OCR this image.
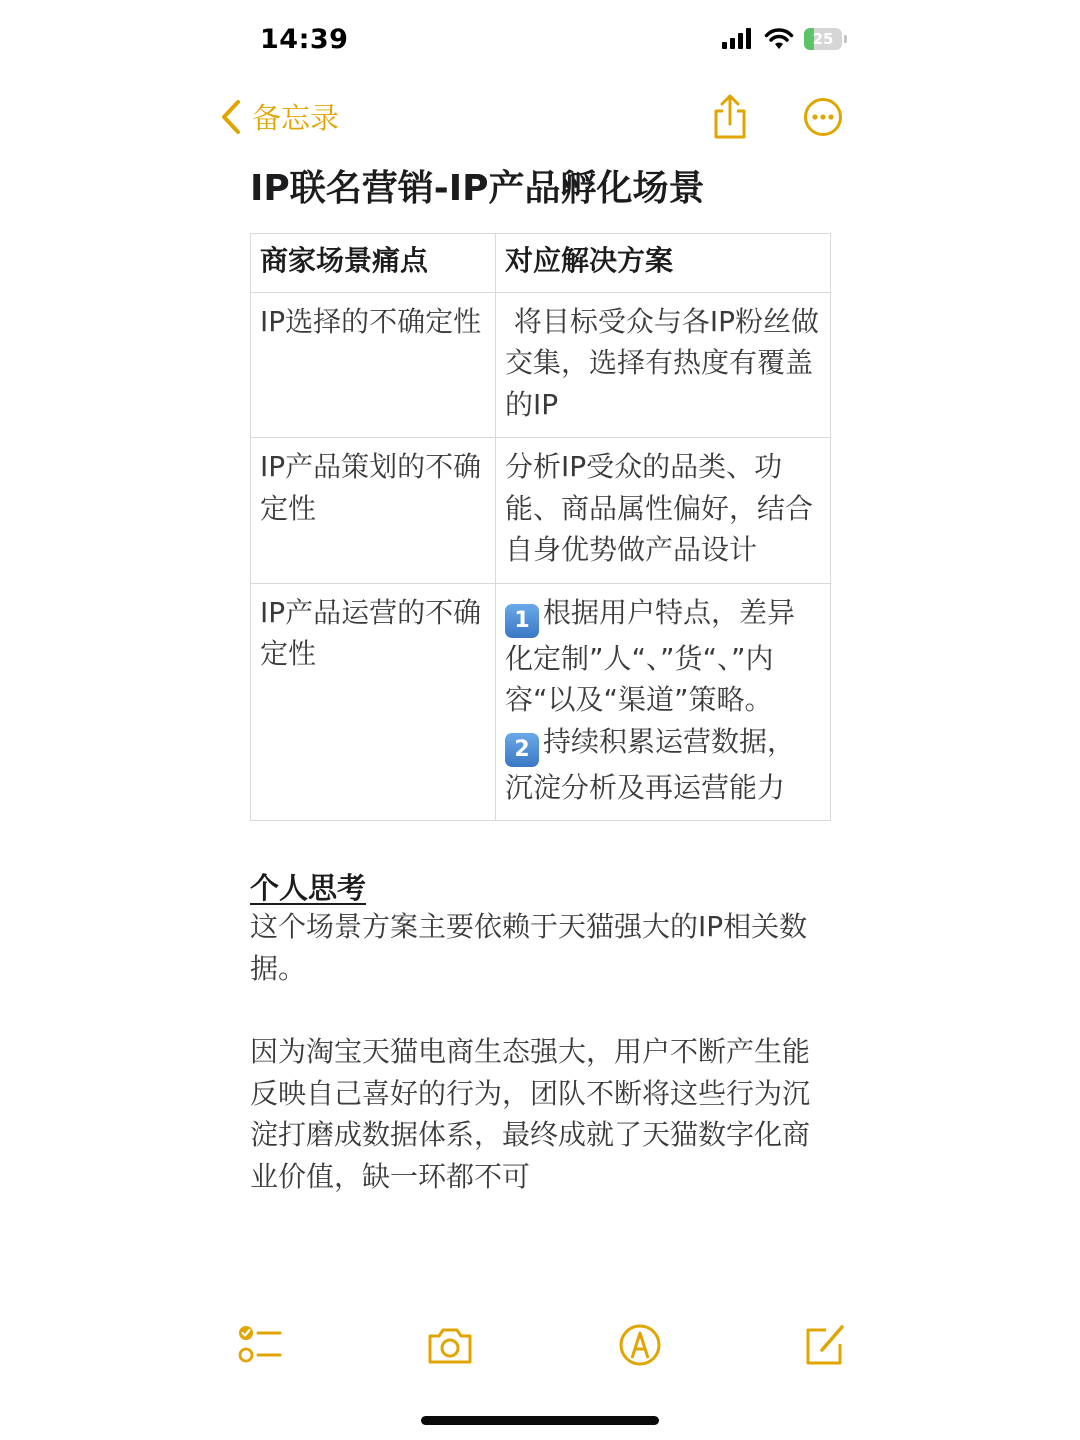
14:39	25
备忘录
IP联名营销-IP产品孵化场景
商家场景痛点	对应解决方案
IP选择的不确定性	将目标受众与各IP粉丝做交集，选择有热度有覆盖的IP
IP产品策划的不确定性	分析IP受众的品类、功能、商品属性偏好，结合自身优势做产品设计
IP产品运营的不确定性	1 根据用户特点，差异化定制”人“、”货“、”内容“以及“渠道”策略。
2 持续积累运营数据，沉淀分析及再运营能力
个人思考
这个场景方案主要依赖于天猫强大的IP相关数据。
因为淘宝天猫电商生态强大，用户不断产生能反映自己喜好的行为，团队不断将这些行为沉淀打磨成数据体系，最终成就了天猫数字化商业价值，缺一环都不可
